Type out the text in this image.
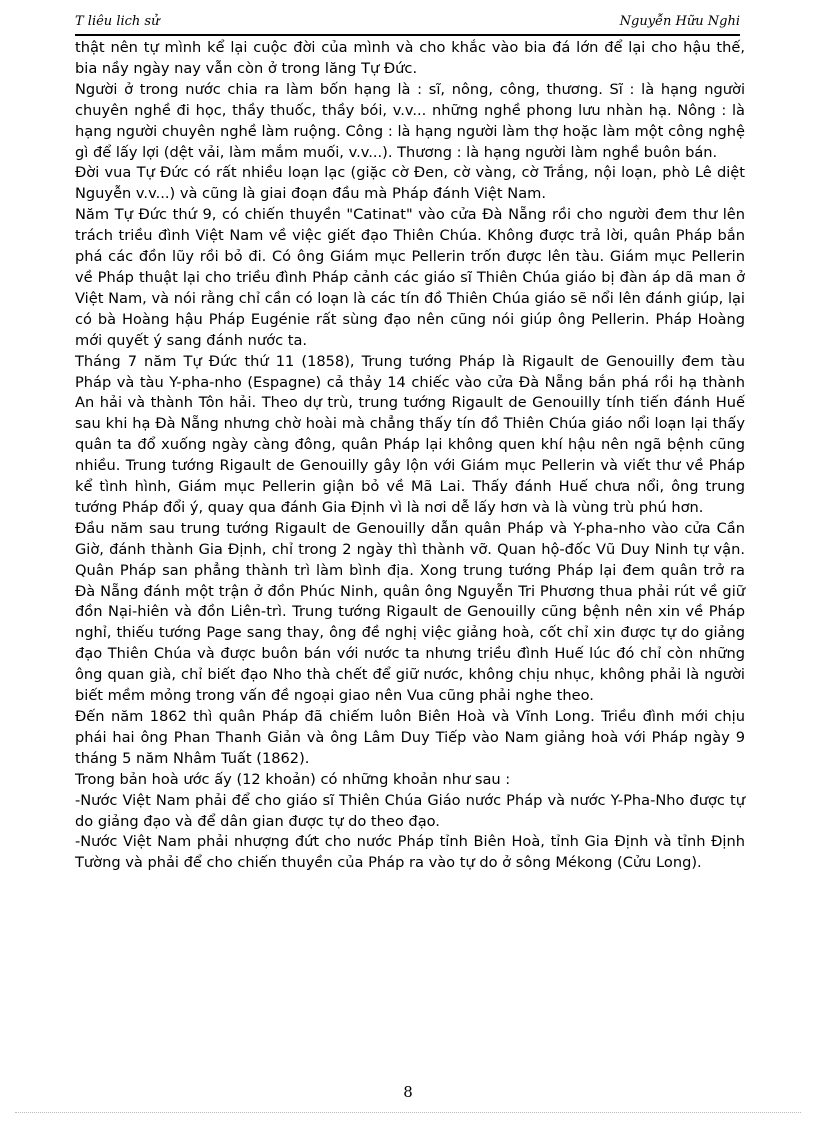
T liêu lich sử	Nguyễn Hữu Nghi

thật nên tự mình kể lại cuộc đời của mình và cho khắc vào bia đá lớn để lại cho hậu thế, bia nầy ngày nay vẫn còn ở trong lăng Tự Đức.

Người ở trong nước chia ra làm bốn hạng là : sĩ, nông, công, thương. Sĩ : là hạng người chuyên nghề đi học, thầy thuốc, thầy bói, v.v... những nghề phong lưu nhàn hạ. Nông : là hạng người chuyên nghề làm ruộng. Công : là hạng người làm thợ hoặc làm một công nghệ gì để lấy lợi (dệt vải, làm mắm muối, v.v...). Thương : là hạng người làm nghề buôn bán.

Đời vua Tự Đức có rất nhiều loạn lạc (giặc cờ Đen, cờ vàng, cờ Trắng, nội loạn, phò Lê diệt Nguyễn v.v...) và cũng là giai đoạn đầu mà Pháp đánh Việt Nam.

Năm Tự Đức thứ 9, có chiến thuyền "Catinat" vào cửa Đà Nẵng rồi cho người đem thư lên trách triều đình Việt Nam về việc giết đạo Thiên Chúa. Không được trả lời, quân Pháp bắn phá các đồn lũy rồi bỏ đi. Có ông Giám mục Pellerin trốn được lên tàu. Giám mục Pellerin về Pháp thuật lại cho triều đình Pháp cảnh các giáo sĩ Thiên Chúa giáo bị đàn áp dã man ở Việt Nam, và nói rằng chỉ cần có loạn là các tín đồ Thiên Chúa giáo sẽ nổi lên đánh giúp, lại có bà Hoàng hậu Pháp Eugénie rất sùng đạo nên cũng nói giúp ông Pellerin. Pháp Hoàng mới quyết ý sang đánh nước ta.

Tháng 7 năm Tự Đức thứ 11 (1858), Trung tướng Pháp là Rigault de Genouilly đem tàu Pháp và tàu Y-pha-nho (Espagne) cả thảy 14 chiếc vào cửa Đà Nẵng bắn phá rồi hạ thành An hải và thành Tôn hải. Theo dự trù, trung tướng Rigault de Genouilly tính tiến đánh Huế sau khi hạ Đà Nẵng nhưng chờ hoài mà chẳng thấy tín đồ Thiên Chúa giáo nổi loạn lại thấy quân ta đổ xuống ngày càng đông, quân Pháp lại không quen khí hậu nên ngã bệnh cũng nhiều. Trung tướng Rigault de Genouilly gây lộn với Giám mục Pellerin và viết thư về Pháp kể tình hình, Giám mục Pellerin giận bỏ về Mã Lai. Thấy đánh Huế chưa nổi, ông trung tướng Pháp đổi ý, quay qua đánh Gia Định vì là nơi dễ lấy hơn và là vùng trù phú hơn.

Đầu năm sau trung tướng Rigault de Genouilly dẫn quân Pháp và Y-pha-nho vào cửa Cần Giờ, đánh thành Gia Định, chỉ trong 2 ngày thì thành vỡ. Quan hộ-đốc Vũ Duy Ninh tự vận. Quân Pháp san phẳng thành trì làm bình địa. Xong trung tướng Pháp lại đem quân trở ra Đà Nẵng đánh một trận ở đồn Phúc Ninh, quân ông Nguyễn Tri Phương thua phải rút về giữ đồn Nại-hiên và đồn Liên-trì. Trung tướng Rigault de Genouilly cũng bệnh nên xin về Pháp nghỉ, thiếu tướng Page sang thay, ông đề nghị việc giảng hoà, cốt chỉ xin được tự do giảng đạo Thiên Chúa và được buôn bán với nước ta nhưng triều đình Huế lúc đó chỉ còn những ông quan già, chỉ biết đạo Nho thà chết để giữ nước, không chịu nhục, không phải là người biết mềm mỏng trong vấn đề ngoại giao nên Vua cũng phải nghe theo.

Đến năm 1862 thì quân Pháp đã chiếm luôn Biên Hoà và Vĩnh Long. Triều đình mới chịu phái hai ông Phan Thanh Giản và ông Lâm Duy Tiếp vào Nam giảng hoà với Pháp ngày 9 tháng 5 năm Nhâm Tuất (1862).

Trong bản hoà ước ấy (12 khoản) có những khoản như sau :

-Nước Việt Nam phải để cho giáo sĩ Thiên Chúa Giáo nước Pháp và nước Y-Pha-Nho được tự do giảng đạo và để dân gian được tự do theo đạo.

-Nước Việt Nam phải nhượng đứt cho nước Pháp tỉnh Biên Hoà, tỉnh Gia Định và tỉnh Định Tường và phải để cho chiến thuyền của Pháp ra vào tự do ở sông Mékong (Cửu Long).

8
